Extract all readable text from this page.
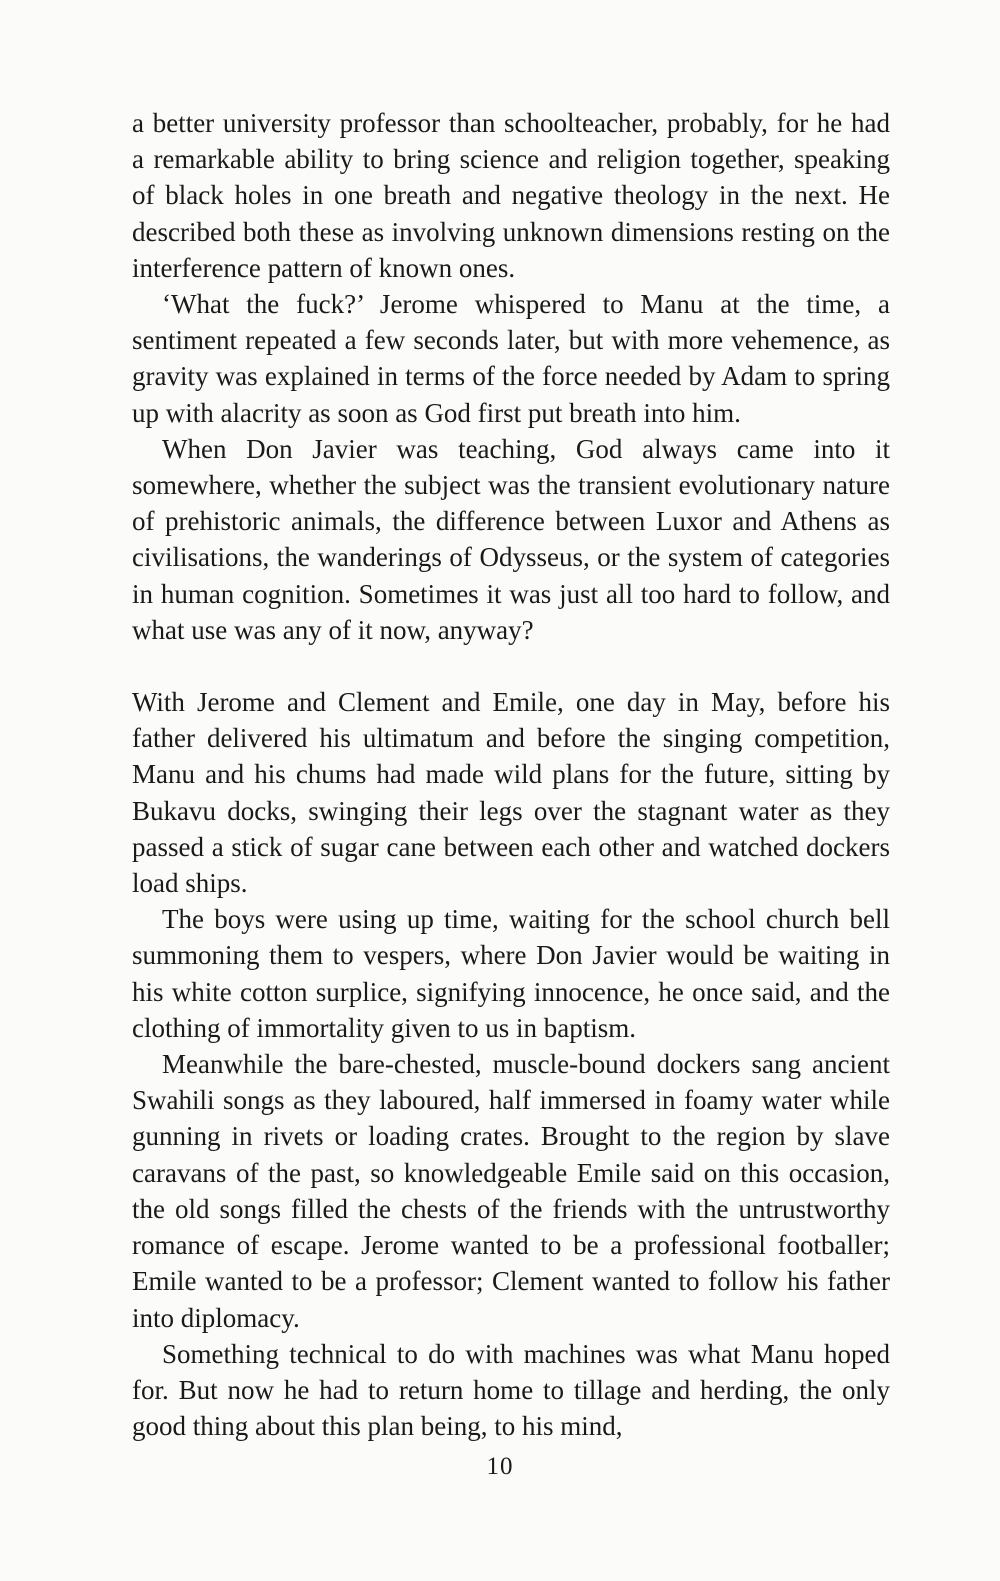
a better university professor than schoolteacher, probably, for he had a remarkable ability to bring science and religion together, speaking of black holes in one breath and negative theology in the next. He described both these as involving unknown dimensions resting on the interference pattern of known ones.

‘What the fuck?’ Jerome whispered to Manu at the time, a sentiment repeated a few seconds later, but with more vehemence, as gravity was explained in terms of the force needed by Adam to spring up with alacrity as soon as God first put breath into him.

When Don Javier was teaching, God always came into it somewhere, whether the subject was the transient evolutionary nature of prehistoric animals, the difference between Luxor and Athens as civilisations, the wanderings of Odysseus, or the system of categories in human cognition. Sometimes it was just all too hard to follow, and what use was any of it now, anyway?

With Jerome and Clement and Emile, one day in May, before his father delivered his ultimatum and before the singing competition, Manu and his chums had made wild plans for the future, sitting by Bukavu docks, swinging their legs over the stagnant water as they passed a stick of sugar cane between each other and watched dockers load ships.

The boys were using up time, waiting for the school church bell summoning them to vespers, where Don Javier would be waiting in his white cotton surplice, signifying innocence, he once said, and the clothing of immortality given to us in baptism.

Meanwhile the bare-chested, muscle-bound dockers sang ancient Swahili songs as they laboured, half immersed in foamy water while gunning in rivets or loading crates. Brought to the region by slave caravans of the past, so knowledgeable Emile said on this occasion, the old songs filled the chests of the friends with the untrustworthy romance of escape. Jerome wanted to be a professional footballer; Emile wanted to be a professor; Clement wanted to follow his father into diplomacy.

Something technical to do with machines was what Manu hoped for. But now he had to return home to tillage and herding, the only good thing about this plan being, to his mind,

10
